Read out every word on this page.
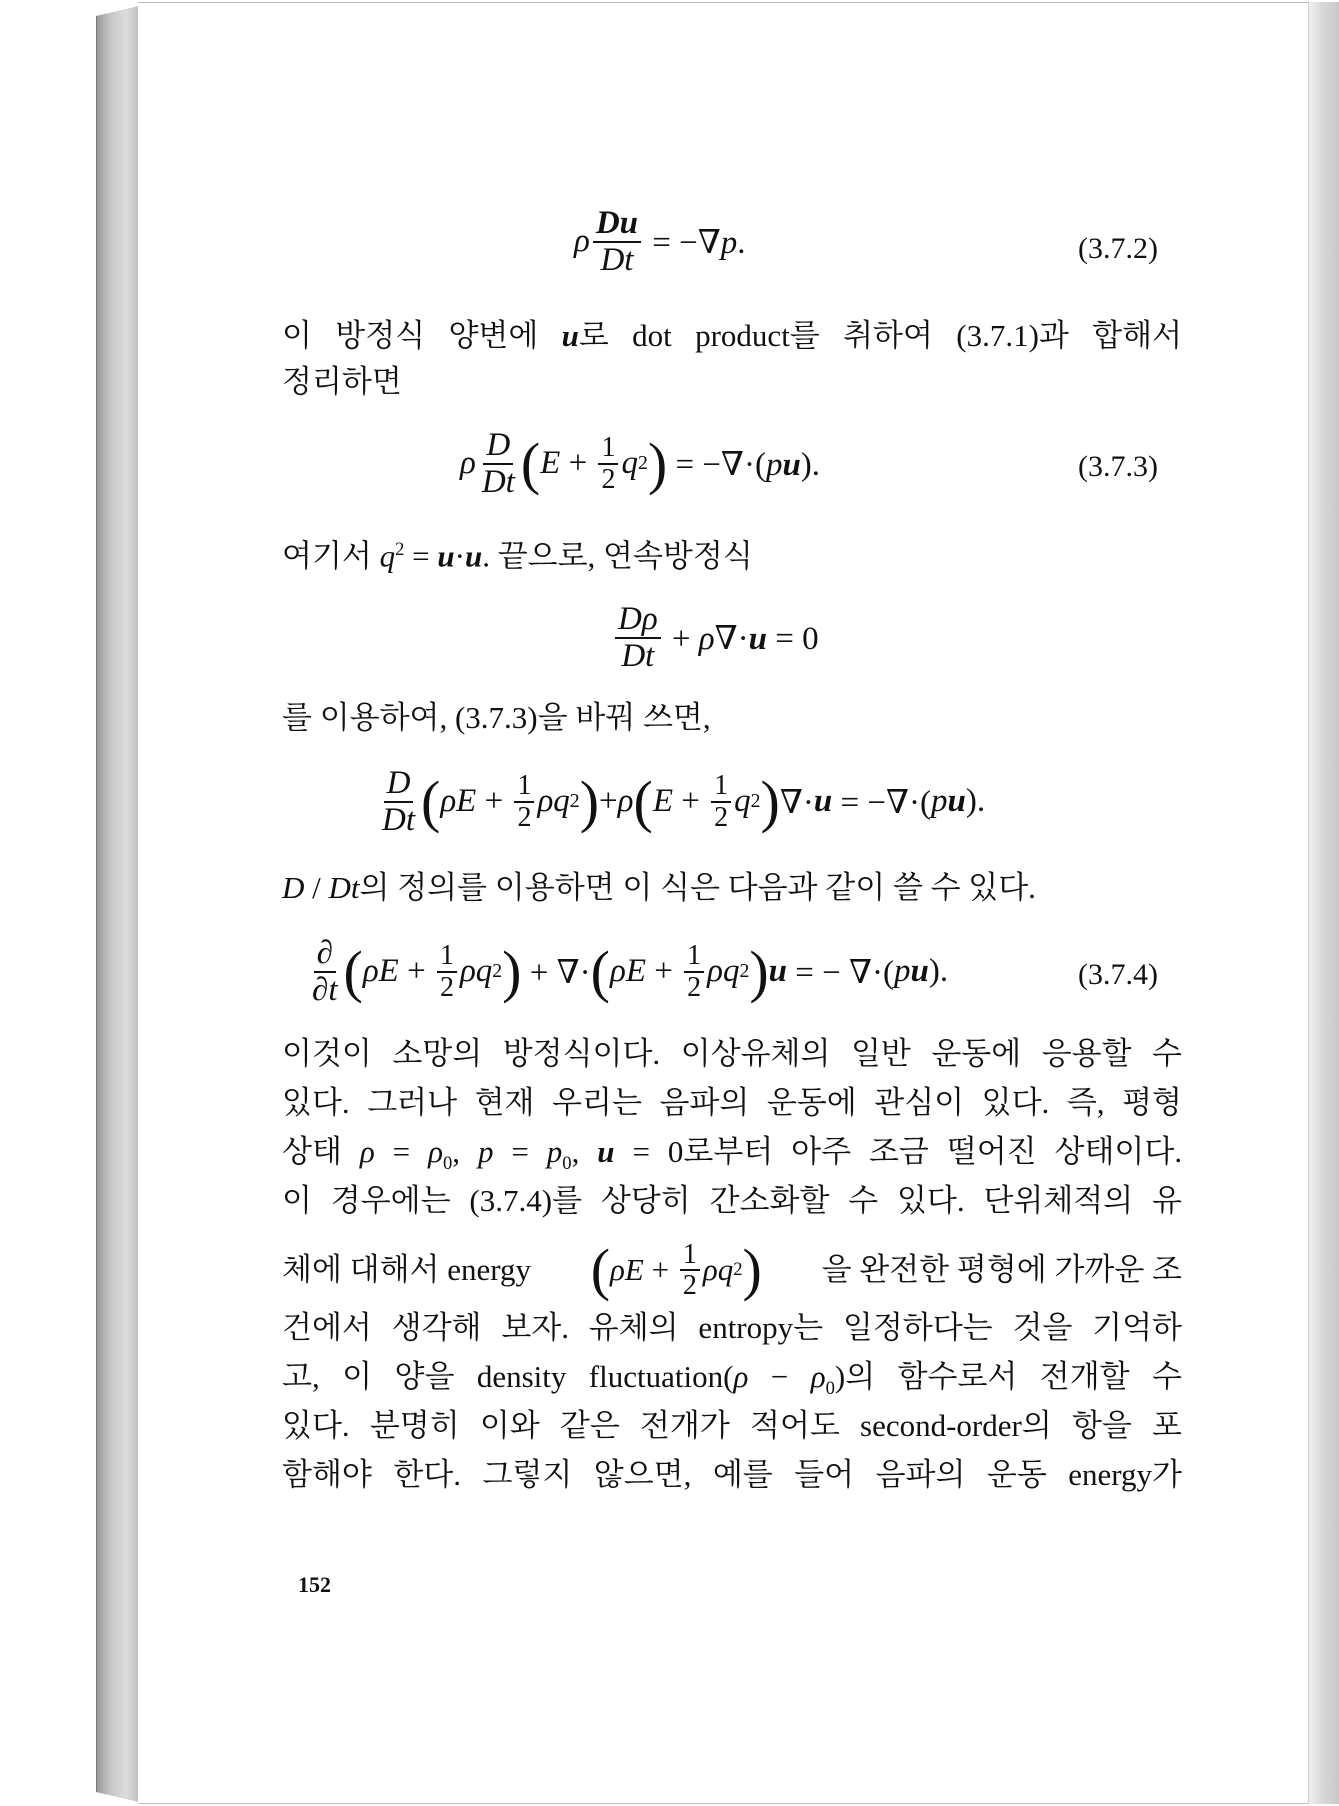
ρ $\frac{Du}{Dt} = -\nabla p$.	(3.7.2)
이 방정식 양변에 u로 dot product를 취하여 (3.7.1)과 합해서
정리하면
ρ $\frac{D}{Dt}$ ( $E + \frac{1}{2}$ q 2 ) = −∇·(pu).	(3.7.3)
여기서 $q^2 = u\cdot u$. 끝으로, 연속방정식
$\frac{D\rho}{Dt} + \rho\nabla\cdot u = 0$
를 이용하여, (3.7.3)을 바꿔 쓰면,
$\frac{D}{Dt}$ ( $\rho E + \frac{1}{2}$ ρq 2 ) + ρ ( $E + \frac{1}{2}$ q 2 ) ∇· u = −∇·( p u ).
D / Dt의 정의를 이용하면 이 식은 다음과 같이 쓸 수 있다.
$\frac{\partial}{\partial t}$ ( $\rho E + \frac{1}{2}$ ρq 2 ) + ∇· ( $\rho E + \frac{1}{2}$ ρq 2 ) u = − ∇·( p u ).	(3.7.4)
이것이 소망의 방정식이다. 이상유체의 일반 운동에 응용할 수
있다. 그러나 현재 우리는 음파의 운동에 관심이 있다. 즉, 평형
상태 $\rho = \rho_0$, $p = p_0$, u = 0로부터 아주 조금 떨어진 상태이다.
이 경우에는 (3.7.4)를 상당히 간소화할 수 있다. 단위체적의 유
체에 대해서 energy ( $\rho E + \frac{1}{2}$ ρq 2 ) 을 완전한 평형에 가까운 조
건에서 생각해 보자. 유체의 entropy는 일정하다는 것을 기억하
고, 이 양을 density fluctuation(ρ − $\rho_0$)의 함수로서 전개할 수
있다. 분명히 이와 같은 전개가 적어도 second-order의 항을 포
함해야 한다. 그렇지 않으면, 예를 들어 음파의 운동 energy가
152
